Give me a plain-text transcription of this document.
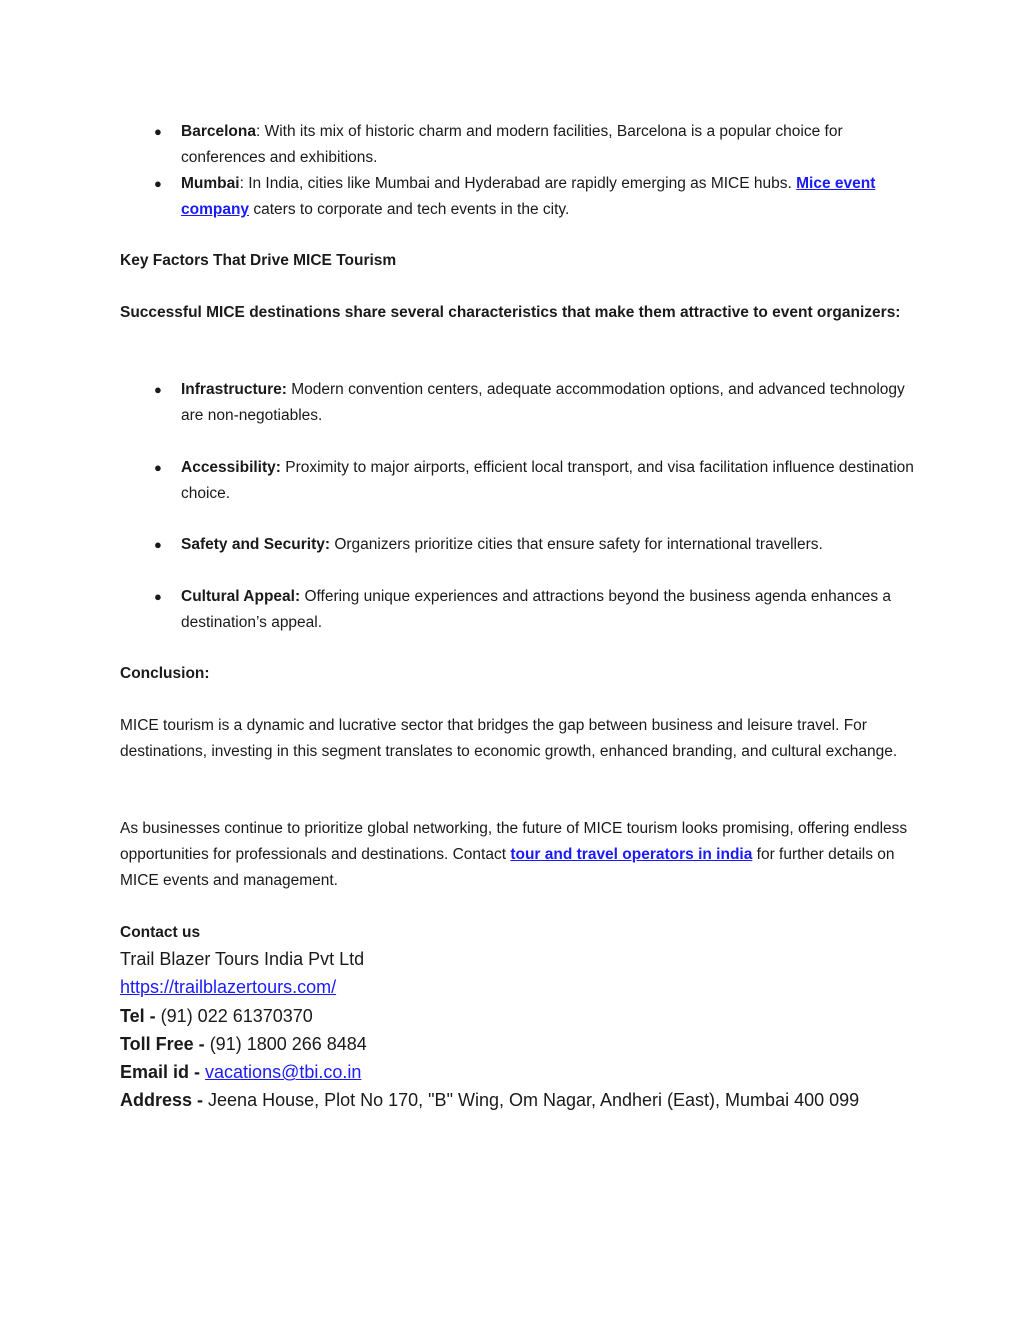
● Barcelona: With its mix of historic charm and modern facilities, Barcelona is a popular choice for conferences and exhibitions.
● Mumbai: In India, cities like Mumbai and Hyderabad are rapidly emerging as MICE hubs. Mice event company caters to corporate and tech events in the city.
Key Factors That Drive MICE Tourism
Successful MICE destinations share several characteristics that make them attractive to event organizers:
● Infrastructure: Modern convention centers, adequate accommodation options, and advanced technology are non-negotiables.
● Accessibility: Proximity to major airports, efficient local transport, and visa facilitation influence destination choice.
● Safety and Security: Organizers prioritize cities that ensure safety for international travellers.
● Cultural Appeal: Offering unique experiences and attractions beyond the business agenda enhances a destination’s appeal.
Conclusion:
MICE tourism is a dynamic and lucrative sector that bridges the gap between business and leisure travel. For destinations, investing in this segment translates to economic growth, enhanced branding, and cultural exchange.
As businesses continue to prioritize global networking, the future of MICE tourism looks promising, offering endless opportunities for professionals and destinations. Contact tour and travel operators in india for further details on MICE events and management.
Contact us
Trail Blazer Tours India Pvt Ltd
https://trailblazertours.com/
Tel - (91) 022 61370370
Toll Free - (91) 1800 266 8484
Email id - vacations@tbi.co.in
Address - Jeena House, Plot No 170, "B" Wing, Om Nagar, Andheri (East), Mumbai 400 099
